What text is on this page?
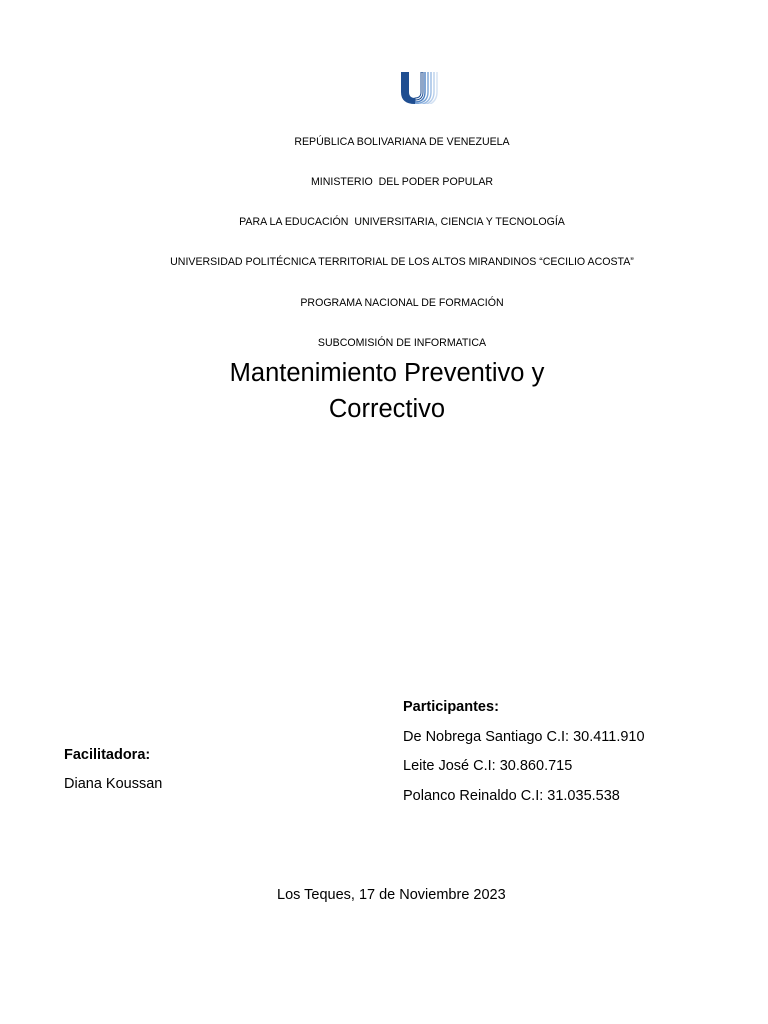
REPÚBLICA BOLIVARIANA DE VENEZUELA

MINISTERIO  DEL PODER POPULAR

PARA LA EDUCACIÓN  UNIVERSITARIA, CIENCIA Y TECNOLOGÍA

UNIVERSIDAD POLITÉCNICA TERRITORIAL DE LOS ALTOS MIRANDINOS “CECILIO ACOSTA”

PROGRAMA NACIONAL DE FORMACIÓN

SUBCOMISIÓN DE INFORMATICA

Mantenimiento Preventivo y
Correctivo
Participantes:
De Nobrega Santiago C.I: 30.411.910
Leite José C.I: 30.860.715
Polanco Reinaldo C.I: 31.035.538
Facilitadora:
Diana Koussan
Los Teques, 17 de Noviembre 2023
